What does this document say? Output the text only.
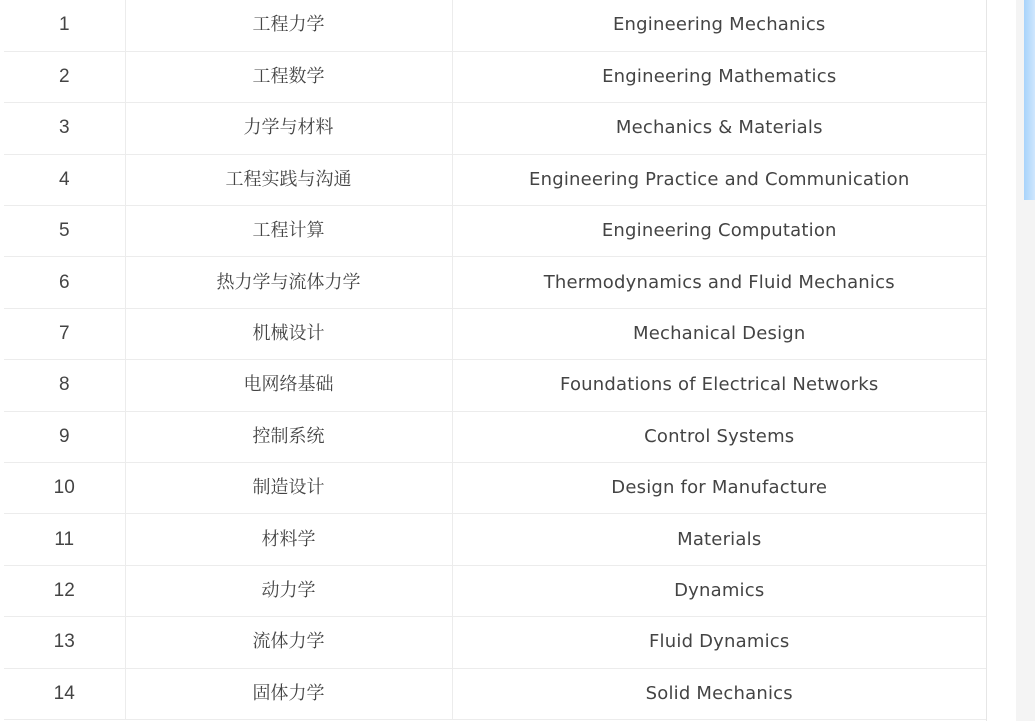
1	工程力学	Engineering Mechanics
2	工程数学	Engineering Mathematics
3	力学与材料	Mechanics & Materials
4	工程实践与沟通	Engineering Practice and Communication
5	工程计算	Engineering Computation
6	热力学与流体力学	Thermodynamics and Fluid Mechanics
7	机械设计	Mechanical Design
8	电网络基础	Foundations of Electrical Networks
9	控制系统	Control Systems
10	制造设计	Design for Manufacture
11	材料学	Materials
12	动力学	Dynamics
13	流体力学	Fluid Dynamics
14	固体力学	Solid Mechanics
